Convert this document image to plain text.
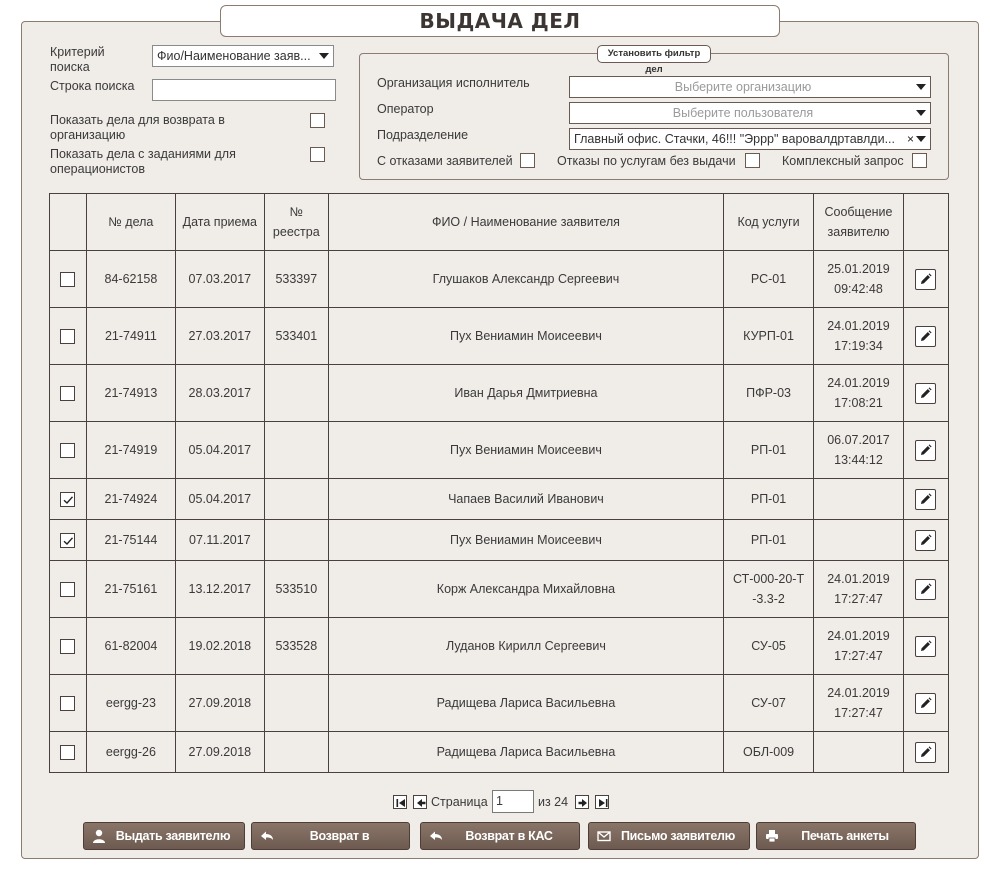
ВЫДАЧА ДЕЛ
Критерий поиска
Фио/Наименование заяв...
Строка поиска
Показать дела для возврата в организацию
Показать дела с заданиями для операционистов
Установить фильтр дел
Организация исполнитель	Выберите организацию
Оператор	Выберите пользователя
Подразделение	Главный офис. Стачки, 46!!! "Эррр" вapoвалдртавлди... ×
С отказами заявителей	Отказы по услугам без выдачи	Комплексный запрос
	№ дела	Дата приема	№ реестра	ФИО / Наименование заявителя	Код услуги	Сообщение заявителю	
	84-62158	07.03.2017	533397	Глушаков Александр Сергеевич	РС-01	25.01.2019
09:42:48

	21-74911	27.03.2017	533401	Пух Вениамин Моисеевич	КУРП-01	24.01.2019
17:19:34

	21-74913	28.03.2017		Иван Дарья Дмитриевна	ПФР-03	24.01.2019
17:08:21

	21-74919	05.04.2017		Пух Вениамин Моисеевич	РП-01	06.07.2017
13:44:12

	21-74924	05.04.2017		Чапаев Василий Иванович	РП-01	

	21-75144	07.11.2017		Пух Вениамин Моисеевич	РП-01	

	21-75161	13.12.2017	533510	Корж Александра Михайловна	СТ-000-20-Т-3.3-2	24.01.2019
17:27:47

	61-82004	19.02.2018	533528	Луданов Кирилл Сергеевич	СУ-05	24.01.2019
17:27:47

	eergg-23	27.09.2018		Радищева Лариса Васильевна	СУ-07	24.01.2019
17:27:47

	eergg-26	27.09.2018		Радищева Лариса Васильевна	ОБЛ-009	

Страница 1	из 24
Выдать заявителю	Возврат в организацию
Возврат в КАС	Письмо заявителю	Печать анкеты
